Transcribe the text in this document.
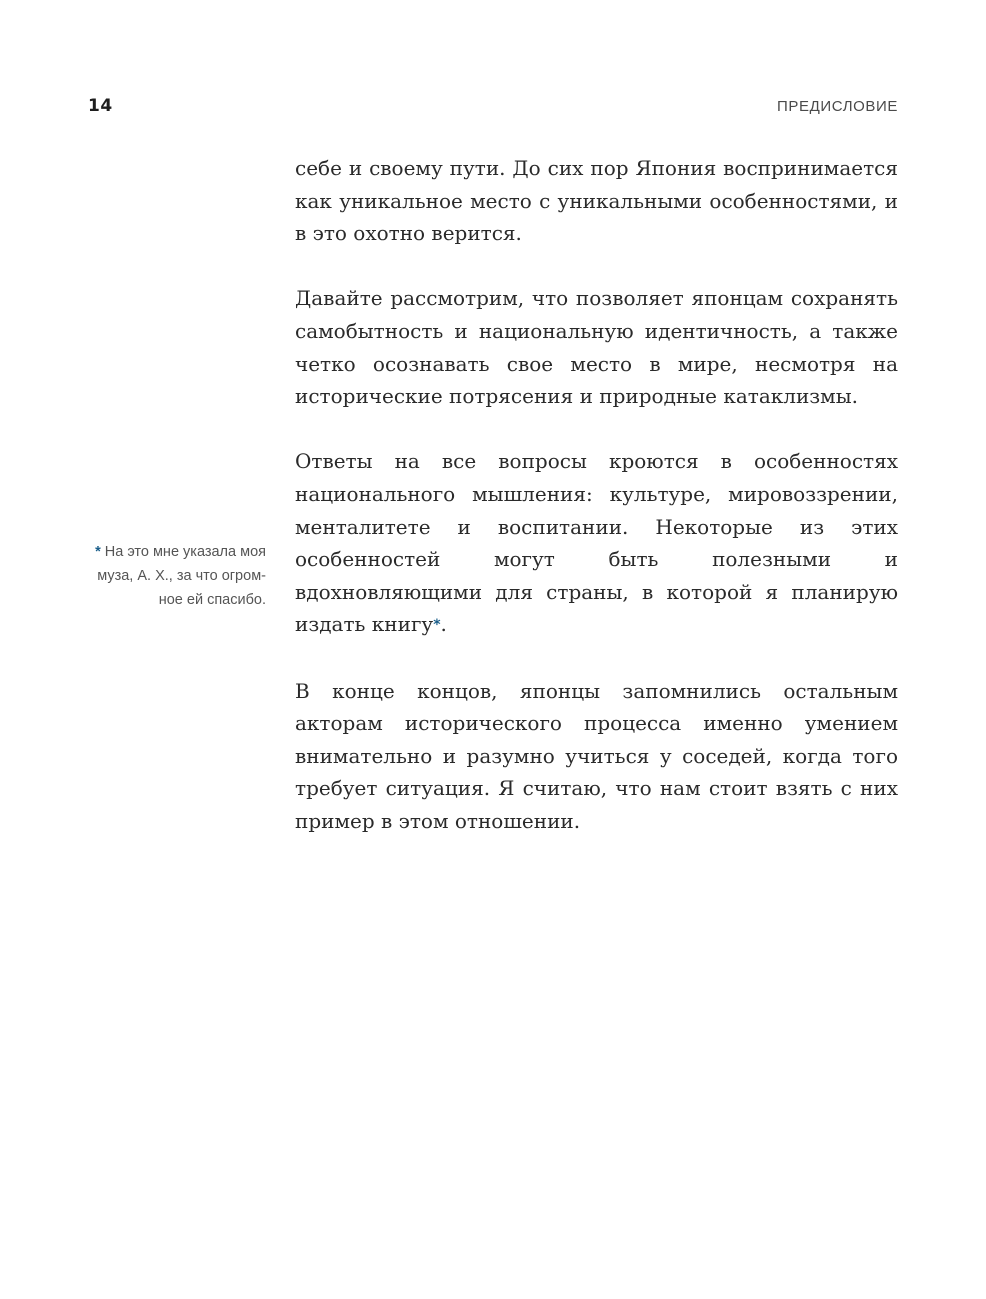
14	ПРЕДИСЛОВИЕ
* На это мне указала моя
муза, А. Х., за что огром-
ное ей спасибо.

себе и своему пути. До сих пор Япония воспринимается как уникальное место с уникальными особенностями, и в это охотно верится.

Давайте рассмотрим, что позволяет японцам сохранять самобытность и национальную идентичность, а также четко осознавать свое место в мире, несмотря на исторические потрясения и природные катаклизмы.

Ответы на все вопросы кроются в особенностях национального мышления: культуре, мировоззрении, менталитете и воспитании. Некоторые из этих особенностей могут быть полезными и вдохновляющими для страны, в которой я планирую издать книгу*.

В конце концов, японцы запомнились остальным акторам исторического процесса именно умением внимательно и разумно учиться у соседей, когда того требует ситуация. Я считаю, что нам стоит взять с них пример в этом отношении.
